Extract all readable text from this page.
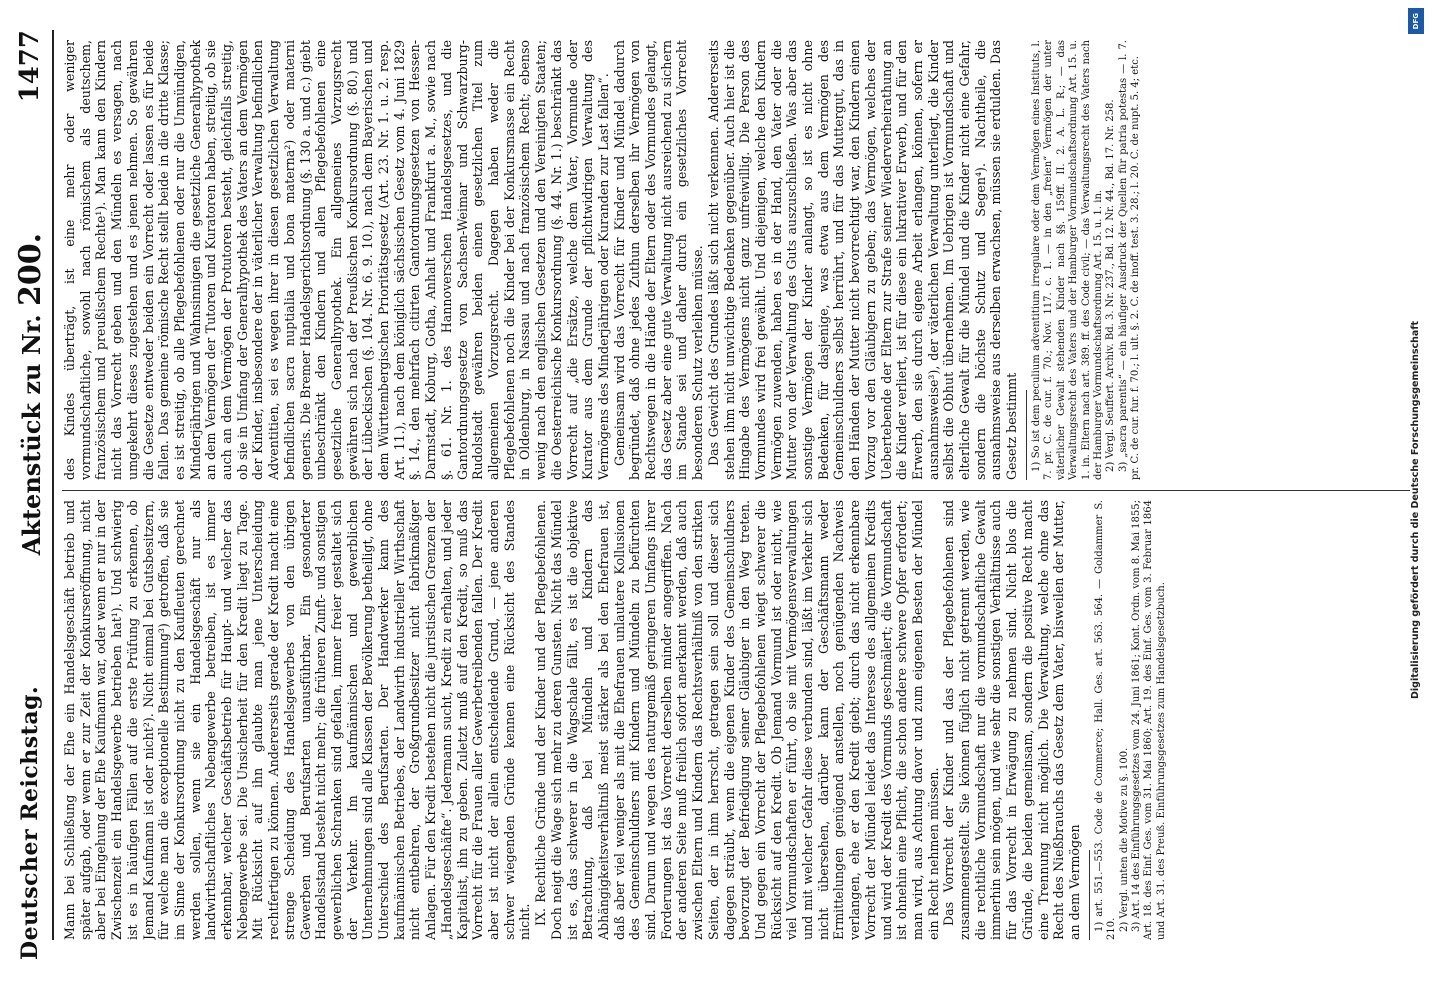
Deutscher Reichstag.
Aktenstück zu Nr. 200.
1477

Mann bei Schließung der Ehe ein Handelsgeschäft betrieb und später aufgab, oder wenn er zur Zeit der Konkurseröffnung, nicht aber bei Eingehung der Ehe Kaufmann war, oder wenn er nur in der Zwischenzeit ein Handelsgewerbe betrieben hat¹). Und schwierig ist es in häufigen Fällen auf die erste Prüfung zu erkennen, ob Jemand Kaufmann ist oder nicht²). Nicht einmal bei Gutsbesitzern, für welche man die exceptionelle Bestimmung³) getroffen, daß sie im Sinne der Konkursordnung nicht zu den Kaufleuten gerechnet werden sollen, wenn sie ein Handelsgeschäft nur als landwirthschaftliches Nebengewerbe betreiben, ist es immer erkennbar, welcher Geschäftsbetrieb für Haupt- und welcher das Nebengewerbe sei. Die Unsicherheit für den Kredit liegt zu Tage. Mit Rücksicht auf ihn glaubte man jene Unterscheidung rechtfertigen zu können. Andererseits gerade der Kredit macht eine strenge Scheidung des Handelsgewerbes von den übrigen Gewerben und Berufsarten unausführbar. Ein gesonderter Handelsstand besteht nicht mehr; die früheren Zunft- und sonstigen gewerblichen Schranken sind gefallen, immer freier gestaltet sich der Verkehr. Im kaufmännischen und gewerblichen Unternehmungen sind alle Klassen der Bevölkerung betheiligt, ohne Unterschied des Berufsarten. Der Handwerker kann des kaufmännischen Betriebes, der Landwirth industrieller Wirthschaft nicht entbehren, der Großgrundbesitzer nicht fabrikmäßiger Anlagen. Für den Kredit bestehen nicht die juristischen Grenzen der „Handelsgeschäfte“. Jedermann sucht, Kredit zu erhalten, und jeder Kapitalist, ihn zu geben. Zuletzt muß auf den Kredit, so muß das Vorrecht für die Frauen aller Gewerbetreibenden fallen. Der Kredit aber ist nicht der allein entscheidende Grund, — jene anderen schwer wiegenden Gründe kennen eine Rücksicht des Standes nicht. IX. Rechtliche Gründe und der Kinder und der Pflegebefohlenen. Doch neigt die Wage sich mehr zu deren Gunsten. Nicht das Mündel ist es, das schwerer in die Wagschale fällt, es ist die objektive Betrachtung, daß bei Mündeln und Kindern das Abhängigkeitsverhältniß meist stärker als bei den Ehefrauen ist, daß aber viel weniger als mit die Ehefrauen unlautere Kollusionen des Gemeinschuldners mit Kindern und Mündeln zu befürchten sind. Darum und wegen des naturgemäß geringeren Umfangs ihrer Forderungen ist das Vorrecht derselben minder angegriffen. Nach der anderen Seite muß freilich sofort anerkannt werden, daß auch zwischen Eltern und Kindern das Rechtsverhältniß von den strikten Seiten, der in ihm herrscht, getragen sein soll und dieser sich dagegen sträubt, wenn die eigenen Kinder des Gemeinschuldners bevorzugt der Befriedigung seiner Gläubiger in den Weg treten. Und gegen ein Vorrecht der Pflegebefohlenen wiegt schwerer die Rücksicht auf den Kredit. Ob Jemand Vormund ist oder nicht, wie viel Vormundschaften er führt, ob sie mit Vermögensverwaltungen und mit welcher Gefahr diese verbunden sind, läßt im Verkehr sich nicht übersehen, darüber kann der Geschäftsmann weder Ermittelungen genügend anstellen, noch genügenden Nachweis verlangen, ehe er den Kredit giebt; durch das nicht erkennbare Vorrecht der Mündel leidet das Interesse des allgemeinen Kredits und wird der Kredit des Vormunds geschmälert; die Vormundschaft ist ohnehin eine Pflicht, die schon andere schwere Opfer erfordert; man wird, aus Achtung davor und zum eigenen Besten der Mündel ein Recht nehmen müssen. Das Vorrecht der Kinder und das der Pflegebefohlenen sind zusammengestellt. Sie können füglich nicht getrennt werden, wie die rechtliche Vormundschaft nur die vormundschaftliche Gewalt immerhin sein mögen, und wie sehr die sonstigen Verhältnisse auch für das Vorrecht in Erwägung zu nehmen sind. Nicht blos die Gründe, die beiden gemeinsam, sondern die positive Recht macht eine Trennung nicht möglich. Die Verwaltung, welche ohne das Recht des Nießbrauchs das Gesetz dem Vater, bisweilen der Mutter, an dem Vermögen 1) art. 551.—553. Code de Commerce; Hall. Ges. art. 563. 564. — Goldammer S. 210. 2) Vergl. unten die Motive zu §. 100. 3) Art. 14 des Einführungsgesetzes vom 24. Juni 1861; Kont. Ordn. vom 8. Mai 1855; Art. 18. des Einf. Ges. vom 31. Mai 1860; Art. 19. des Einf. Ges. vom 3. Februar 1864 und Art. 31. des Preuß. Einführungsgesetzes zum Handelsgesetzbuch.

des Kindes überträgt, ist eine mehr oder weniger vormundschaftliche, sowohl nach römischem als deutschem, französischem und preußischem Rechte¹). Man kann den Kindern nicht das Vorrecht geben und den Mündeln es versagen, nach umgekehrt dieses zugestehen und es jenen nehmen. So gewähren die Gesetze entweder beiden ein Vorrecht oder lassen es für beide fallen. Das gemeine römische Recht stellt beide in die dritte Klasse; es ist streitig, ob alle Pflegebefohlenen oder nur die Unmündigen, Minderjährigen und Wahnsinnigen die gesetzliche Generalhypothek an dem Vermögen der Tutoren und Kuratoren haben, streitig, ob sie auch an dem Vermögen der Protutoren besteht, gleichfalls streitig, ob sie in Umfang der Generalhypothek des Vaters an dem Vermögen der Kinder, insbesondere der in väterlicher Verwaltung befindlichen Adventitien, sei es wegen ihrer in diesen gesetzlichen Verwaltung befindlichen sacra nuptialia und bona materna²) oder materni generis. Die Bremer Handelsgerichtsordnung (§. 130 a. und c.) giebt unbeschränkt den Kindern und allen Pflegebefohlenen eine gesetzliche Generalhypothek. Ein allgemeines Vorzugsrecht gewähren sich nach der Preußischen Konkursordnung (§. 80.) und der Lübeckischen (§. 104. Nr. 6. 9. 10.), nach dem Bayerischen und dem Württembergischen Prioritätsgesetz (Art. 23. Nr. 1. u. 2. resp. Art. 11.), nach dem königlich sächsischen Gesetz vom 4. Juni 1829 §. 14., den mehrfach citirten Gantordnungsgesetzen von Hessen-Darmstadt, Koburg, Gotha, Anhalt und Frankfurt a. M., sowie nach §. 61. Nr. 1. des Hannoverschen Handelsgesetzes, und die Gantordnungsgesetze von Sachsen-Weimar und Schwarzburg-Rudolstadt gewähren beiden einen gesetzlichen Titel zum allgemeinen Vorzugsrecht. Dagegen haben weder die Pflegebefohlenen noch die Kinder bei der Konkursmasse ein Recht in Oldenburg, in Nassau und nach französischem Recht; ebenso wenig nach den englischen Gesetzen und den Vereinigten Staaten; die Oesterreichische Konkursordnung (§. 44. Nr. 1.) beschränkt das Vorrecht auf „die Ersätze, welche dem Vater, Vormunde oder Kurator aus dem Grunde der pflichtwidrigen Verwaltung des Vermögens des Minderjährigen oder Kuranden zur Last fallen“. Gemeinsam wird das Vorrecht für Kinder und Mündel dadurch begründet, daß ohne jedes Zuthun derselben ihr Vermögen von Rechtswegen in die Hände der Eltern oder des Vormundes gelangt, das Gesetz aber eine gute Verwaltung nicht ausreichend zu sichern im Stande sei und daher durch ein gesetzliches Vorrecht besonderen Schutz verleihen müsse. Das Gewicht des Grundes läßt sich nicht verkennen. Andererseits stehen ihm nicht unwichtige Bedenken gegenüber. Auch hier ist die Hingabe des Vermögens nicht ganz unfreiwillig. Die Person des Vormundes wird frei gewählt. Und diejenigen, welche den Kindern Vermögen zuwenden, haben es in der Hand, den Vater oder die Mutter von der Verwaltung des Guts auszuschließen. Was aber das sonstige Vermögen der Kinder anlangt, so ist es nicht ohne Bedenken, für dasjenige, was etwa aus dem Vermögen des Gemeinschuldners selbst herrührt, und für das Muttergut, das in den Händen der Mutter nicht bevorrechtigt war, den Kindern einen Vorzug vor den Gläubigern zu geben; das Vermögen, welches der Uebertebende der Eltern zur Strafe seiner Wiederverheirathung an die Kinder verliert, ist für diese ein lukrativer Erwerb, und für den Erwerb, den sie durch eigene Arbeit erlangen, können, sofern er ausnahmsweise³), der väterlichen Verwaltung unterliegt, die Kinder selbst die Obhut übernehmen. Im Uebrigen ist Vormundschaft und elterliche Gewalt für die Mündel und die Kinder nicht eine Gefahr, sondern die höchste Schutz und Segen⁴). Nachtheile, die ausnahmsweise aus derselben erwachsen, müssen sie erdulden. Das Gesetz bestimmt 1) So ist dem peculium adventitium irregulare oder dem Vermögen eines Instituts, l. 7. pr. C. de cur. f. 70.; Nov. 117. c. 1. — in den „freien“ Vermögen der unter väterlicher Gewalt stehenden Kinder nach §§. 159ff. II. 2. A. L. R.; — das Verwaltungsrecht des Vaters und der Hamburger Vormundschaftsordnung Art. 15. u. 1. in. Eltern nach art. 389. ff. des Code civil; — das Verwaltungsrecht des Vaters nach der Hamburger Vormundschaftsordnung Art. 15. u. 1. in. 2) Vergl. Seuffert. Archiv. Bd. 3. Nr. 237., Bd. 12. Nr. 44., Bd. 17. Nr. 258. 3) „sacra parentis“ — ein häufiger Ausdruck der Quellen für patria potestas — l. 7. pr. C. de cur. fur. f. 70.; l. ult. §. 2. C. de inoff. test. 3. 28.; l. 20. C. de nupt. 5. 4; etc.

DFG
Digitalisierung gefördert durch die Deutsche Forschungsgemeinschaft
